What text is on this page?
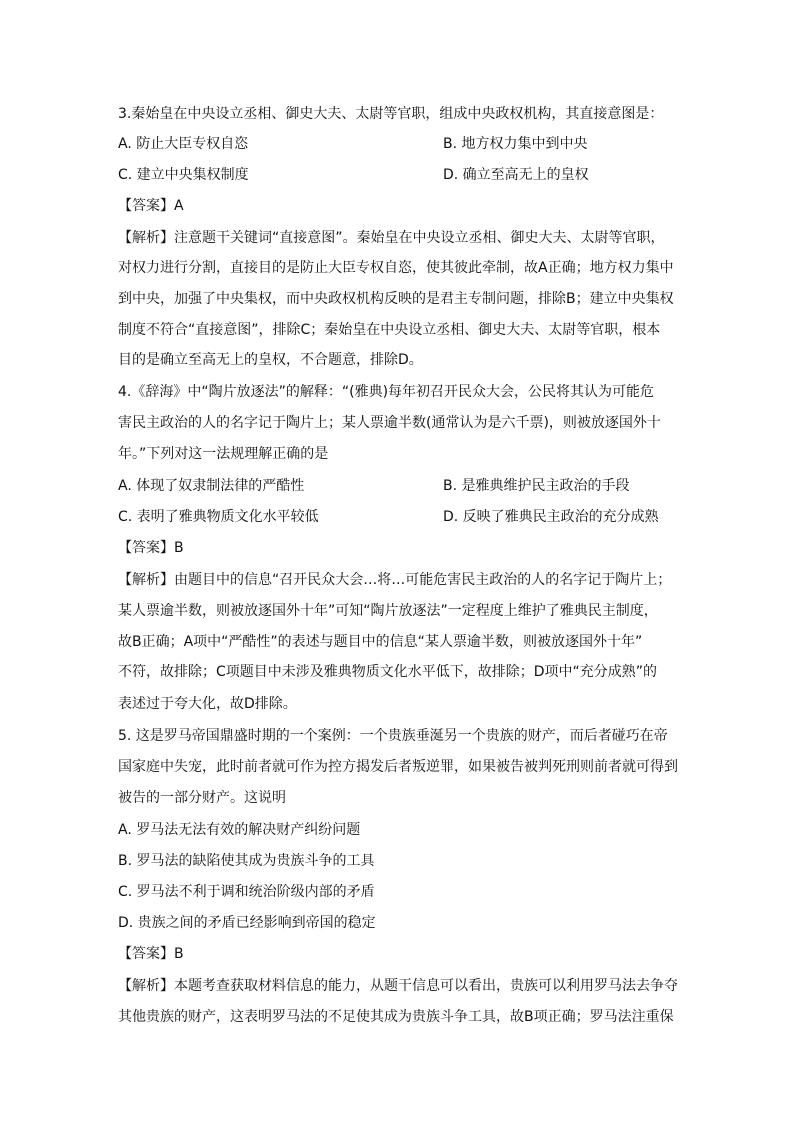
3.秦始皇在中央设立丞相、御史大夫、太尉等官职，组成中央政权机构，其直接意图是：
A. 防止大臣专权自恣	B. 地方权力集中到中央
C. 建立中央集权制度	D. 确立至高无上的皇权
【答案】A
【解析】注意题干关键词“直接意图”。秦始皇在中央设立丞相、御史大夫、太尉等官职，
对权力进行分割，直接目的是防止大臣专权自恣，使其彼此牵制，故A正确；地方权力集中
到中央，加强了中央集权，而中央政权机构反映的是君主专制问题，排除B；建立中央集权
制度不符合“直接意图”，排除C；秦始皇在中央设立丞相、御史大夫、太尉等官职，根本
目的是确立至高无上的皇权，不合题意，排除D。
4.《辞海》中“陶片放逐法”的解释：“(雅典)每年初召开民众大会，公民将其认为可能危
害民主政治的人的名字记于陶片上；某人票逾半数(通常认为是六千票)，则被放逐国外十
年。”下列对这一法规理解正确的是
A. 体现了奴隶制法律的严酷性	B. 是雅典维护民主政治的手段
C. 表明了雅典物质文化水平较低	D. 反映了雅典民主政治的充分成熟
【答案】B
【解析】由题目中的信息“召开民众大会…将…可能危害民主政治的人的名字记于陶片上；
某人票逾半数，则被放逐国外十年”可知“陶片放逐法”一定程度上维护了雅典民主制度，
故B正确；A项中“严酷性”的表述与题目中的信息“某人票逾半数，则被放逐国外十年”
不符，故排除；C项题目中未涉及雅典物质文化水平低下，故排除；D项中“充分成熟”的
表述过于夸大化，故D排除。
5. 这是罗马帝国鼎盛时期的一个案例：一个贵族垂涎另一个贵族的财产，而后者碰巧在帝
国家庭中失宠，此时前者就可作为控方揭发后者叛逆罪，如果被告被判死刑则前者就可得到
被告的一部分财产。这说明
A. 罗马法无法有效的解决财产纠纷问题
B. 罗马法的缺陷使其成为贵族斗争的工具
C. 罗马法不利于调和统治阶级内部的矛盾
D. 贵族之间的矛盾已经影响到帝国的稳定
【答案】B
【解析】本题考查获取材料信息的能力，从题干信息可以看出，贵族可以利用罗马法去争夺
其他贵族的财产，这表明罗马法的不足使其成为贵族斗争工具，故B项正确；罗马法注重保
